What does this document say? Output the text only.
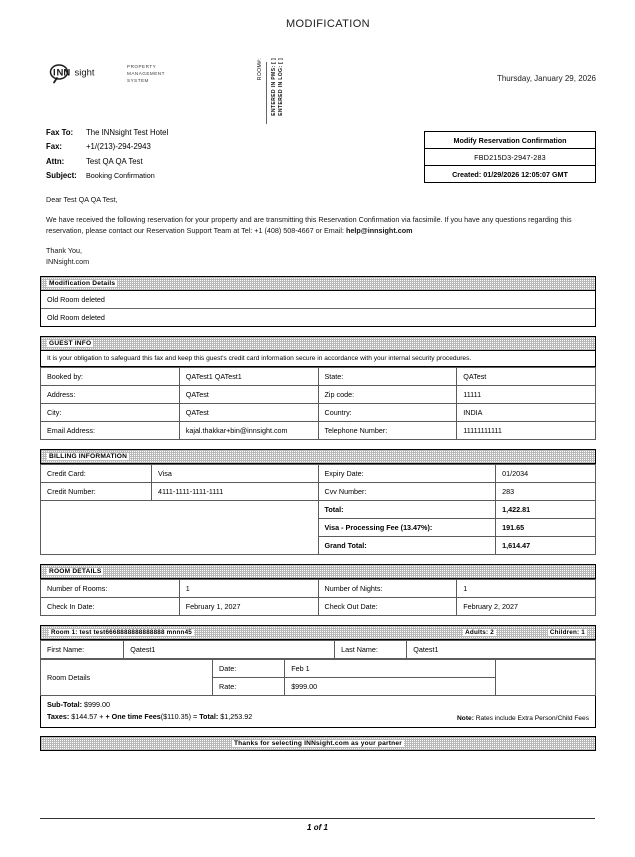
MODIFICATION
I NN sight
PROPERTY
MANAGEMENT
SYSTEM
ROOM#: ENTERED IN PMS: [ ] ENTERED IN LOG: [ ]	Thursday, January 29, 2026
Modify Reservation Confirmation
FBD215D3-2947-283
Created: 01/29/2026 12:05:07 GMT
Fax To: The INNsight Test Hotel
Fax:	+1/(213)-294-2943
Attn:	Test QA QA Test
Subject: Booking Confirmation

Dear Test QA QA Test,

We have received the following reservation for your property and are transmitting this Reservation Confirmation via facsimile. If you have any questions regarding this reservation, please contact our Reservation Support Team at Tel: +1 (408) 508-4667 or Email: help@innsight.com

Thank You,

INNsight.com

Modification Details
Old Room deleted
Old Room deleted
GUEST INFO
It is your obligation to safeguard this fax and keep this guest's credit card information secure in accordance with your internal security procedures.
Booked by:	QATest1 QATest1	State:	QATest
Address:	QATest	Zip code:	11111
City:	QATest	Country:	INDIA
Email Address:	kajal.thakkar+bin@innsight.com	Telephone Number:	11111111111
BILLING INFORMATION
Credit Card:	Visa	Expiry Date:	01/2034
Credit Number:	4111-1111-1111-1111	Cvv Number:	283
		Total:	1,422.81
		Visa - Processing Fee (13.47%):	191.65
		Grand Total:	1,614.47
ROOM DETAILS
Number of Rooms:	1	Number of Nights:	1
Check In Date:	February 1, 2027	Check Out Date:	February 2, 2027
Room 1: test test6668888888888888 mnnn45	Adults: 2	Children: 1
First Name:	Qatest1	Last Name:	Qatest1
Room Details	Date:	Feb 1	
	Rate:	$999.00	
Sub-Total: $999.00
Taxes: $144.57 + + One time Fees($110.35) = Total: $1,253.92	Note: Rates include Extra Person/Child Fees
Thanks for selecting INNsight.com as your partner
1 of 1
